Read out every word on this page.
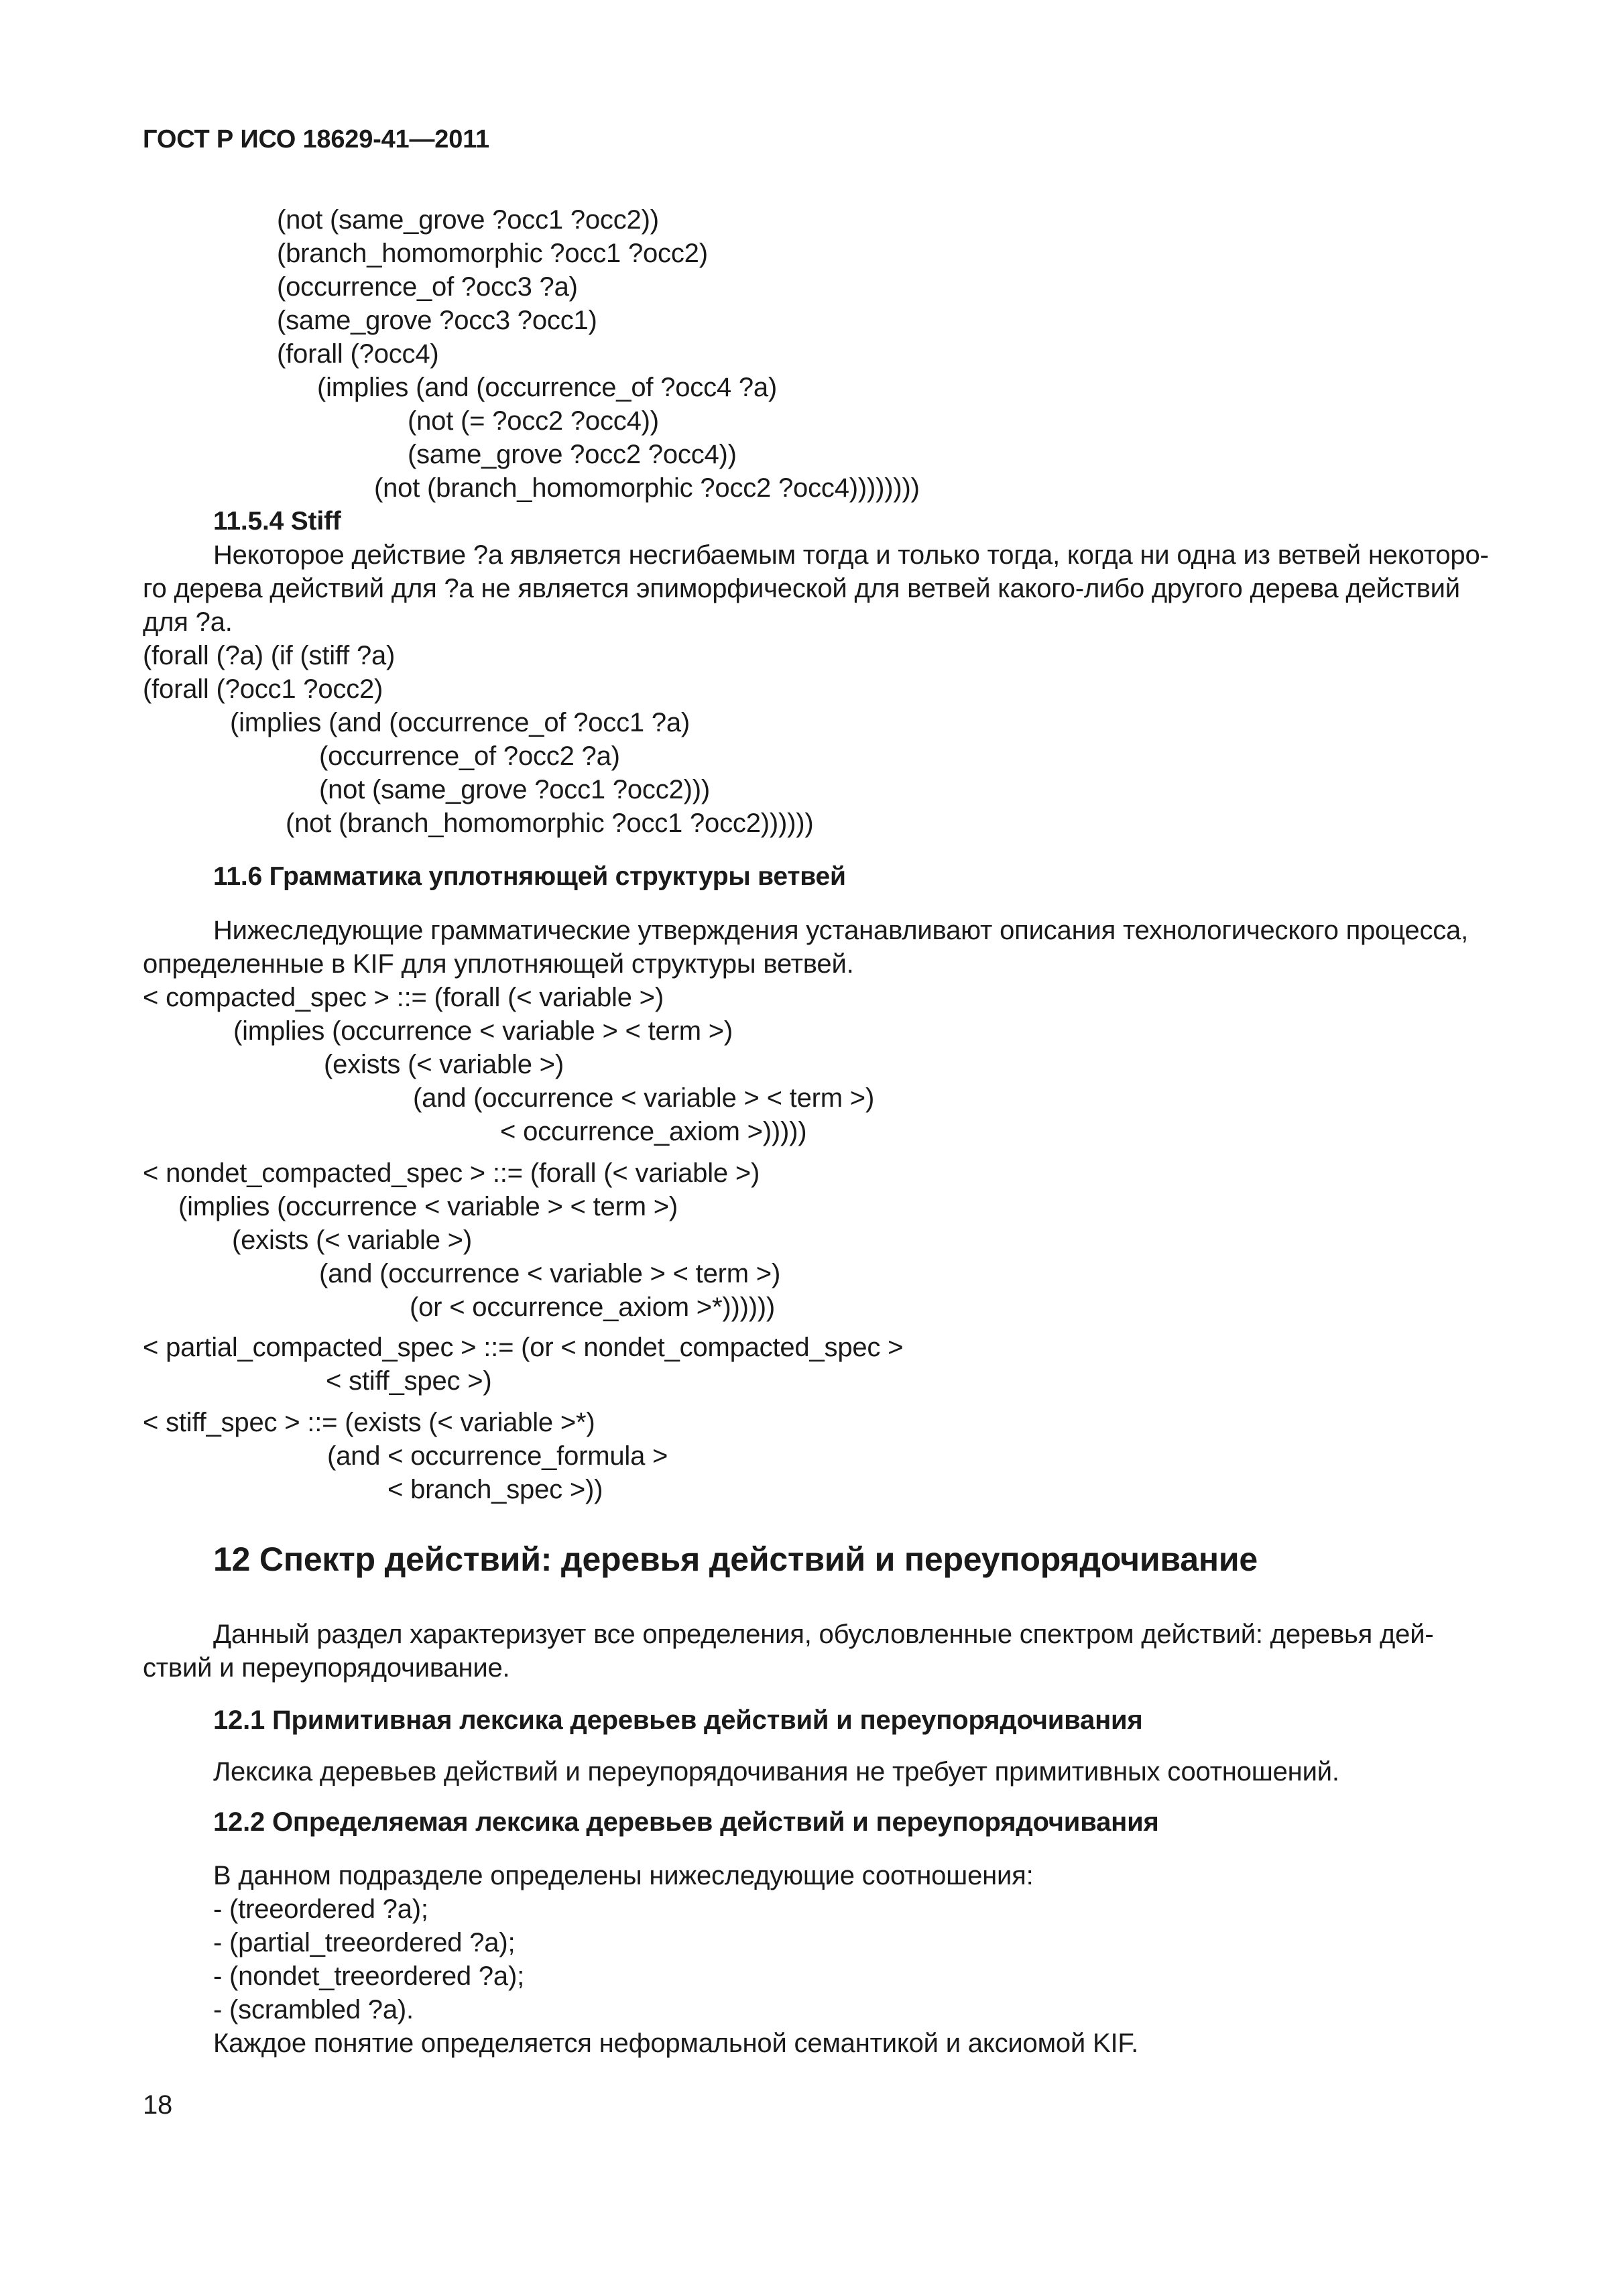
ГОСТ Р ИСО 18629-41—2011
(not (same_grove ?occ1 ?occ2))
(branch_homomorphic ?occ1 ?occ2)
(occurrence_of ?occ3 ?a)
(same_grove ?occ3 ?occ1)
(forall (?occ4)
(implies (and (occurrence_of ?occ4 ?a)
(not (= ?occ2 ?occ4))
(same_grove ?occ2 ?occ4))
(not (branch_homomorphic ?occ2 ?occ4))))))))
11.5.4 Stiff
Некоторое действие ?a является несгибаемым тогда и только тогда, когда ни одна из ветвей некоторо-
го дерева действий для ?a не является эпиморфической для ветвей какого-либо другого дерева действий
для ?a.
(forall (?a) (if (stiff ?a)
(forall (?occ1 ?occ2)
(implies (and (occurrence_of ?occ1 ?a)
(occurrence_of ?occ2 ?a)
(not (same_grove ?occ1 ?occ2)))
(not (branch_homomorphic ?occ1 ?occ2))))))
11.6 Грамматика уплотняющей структуры ветвей
Нижеследующие грамматические утверждения устанавливают описания технологического процесса,
определенные в KIF для уплотняющей структуры ветвей.
< compacted_spec > ::= (forall (< variable >)
(implies (occurrence < variable > < term >)
(exists (< variable >)
(and (occurrence < variable > < term >)
< occurrence_axiom >)))))
< nondet_compacted_spec > ::= (forall (< variable >)
(implies (occurrence < variable > < term >)
(exists (< variable >)
(and (occurrence < variable > < term >)
(or < occurrence_axiom >*))))))
< partial_compacted_spec > ::= (or < nondet_compacted_spec >
< stiff_spec >)
< stiff_spec > ::= (exists (< variable >*)
(and < occurrence_formula >
< branch_spec >))
12 Спектр действий: деревья действий и переупорядочивание
Данный раздел характеризует все определения, обусловленные спектром действий: деревья дей-
ствий и переупорядочивание.
12.1 Примитивная лексика деревьев действий и переупорядочивания
Лексика деревьев действий и переупорядочивания не требует примитивных соотношений.
12.2 Определяемая лексика деревьев действий и переупорядочивания
В данном подразделе определены нижеследующие соотношения:
- (treeordered ?a);
- (partial_treeordered ?a);
- (nondet_treeordered ?a);
- (scrambled ?a).
Каждое понятие определяется неформальной семантикой и аксиомой KIF.
18
